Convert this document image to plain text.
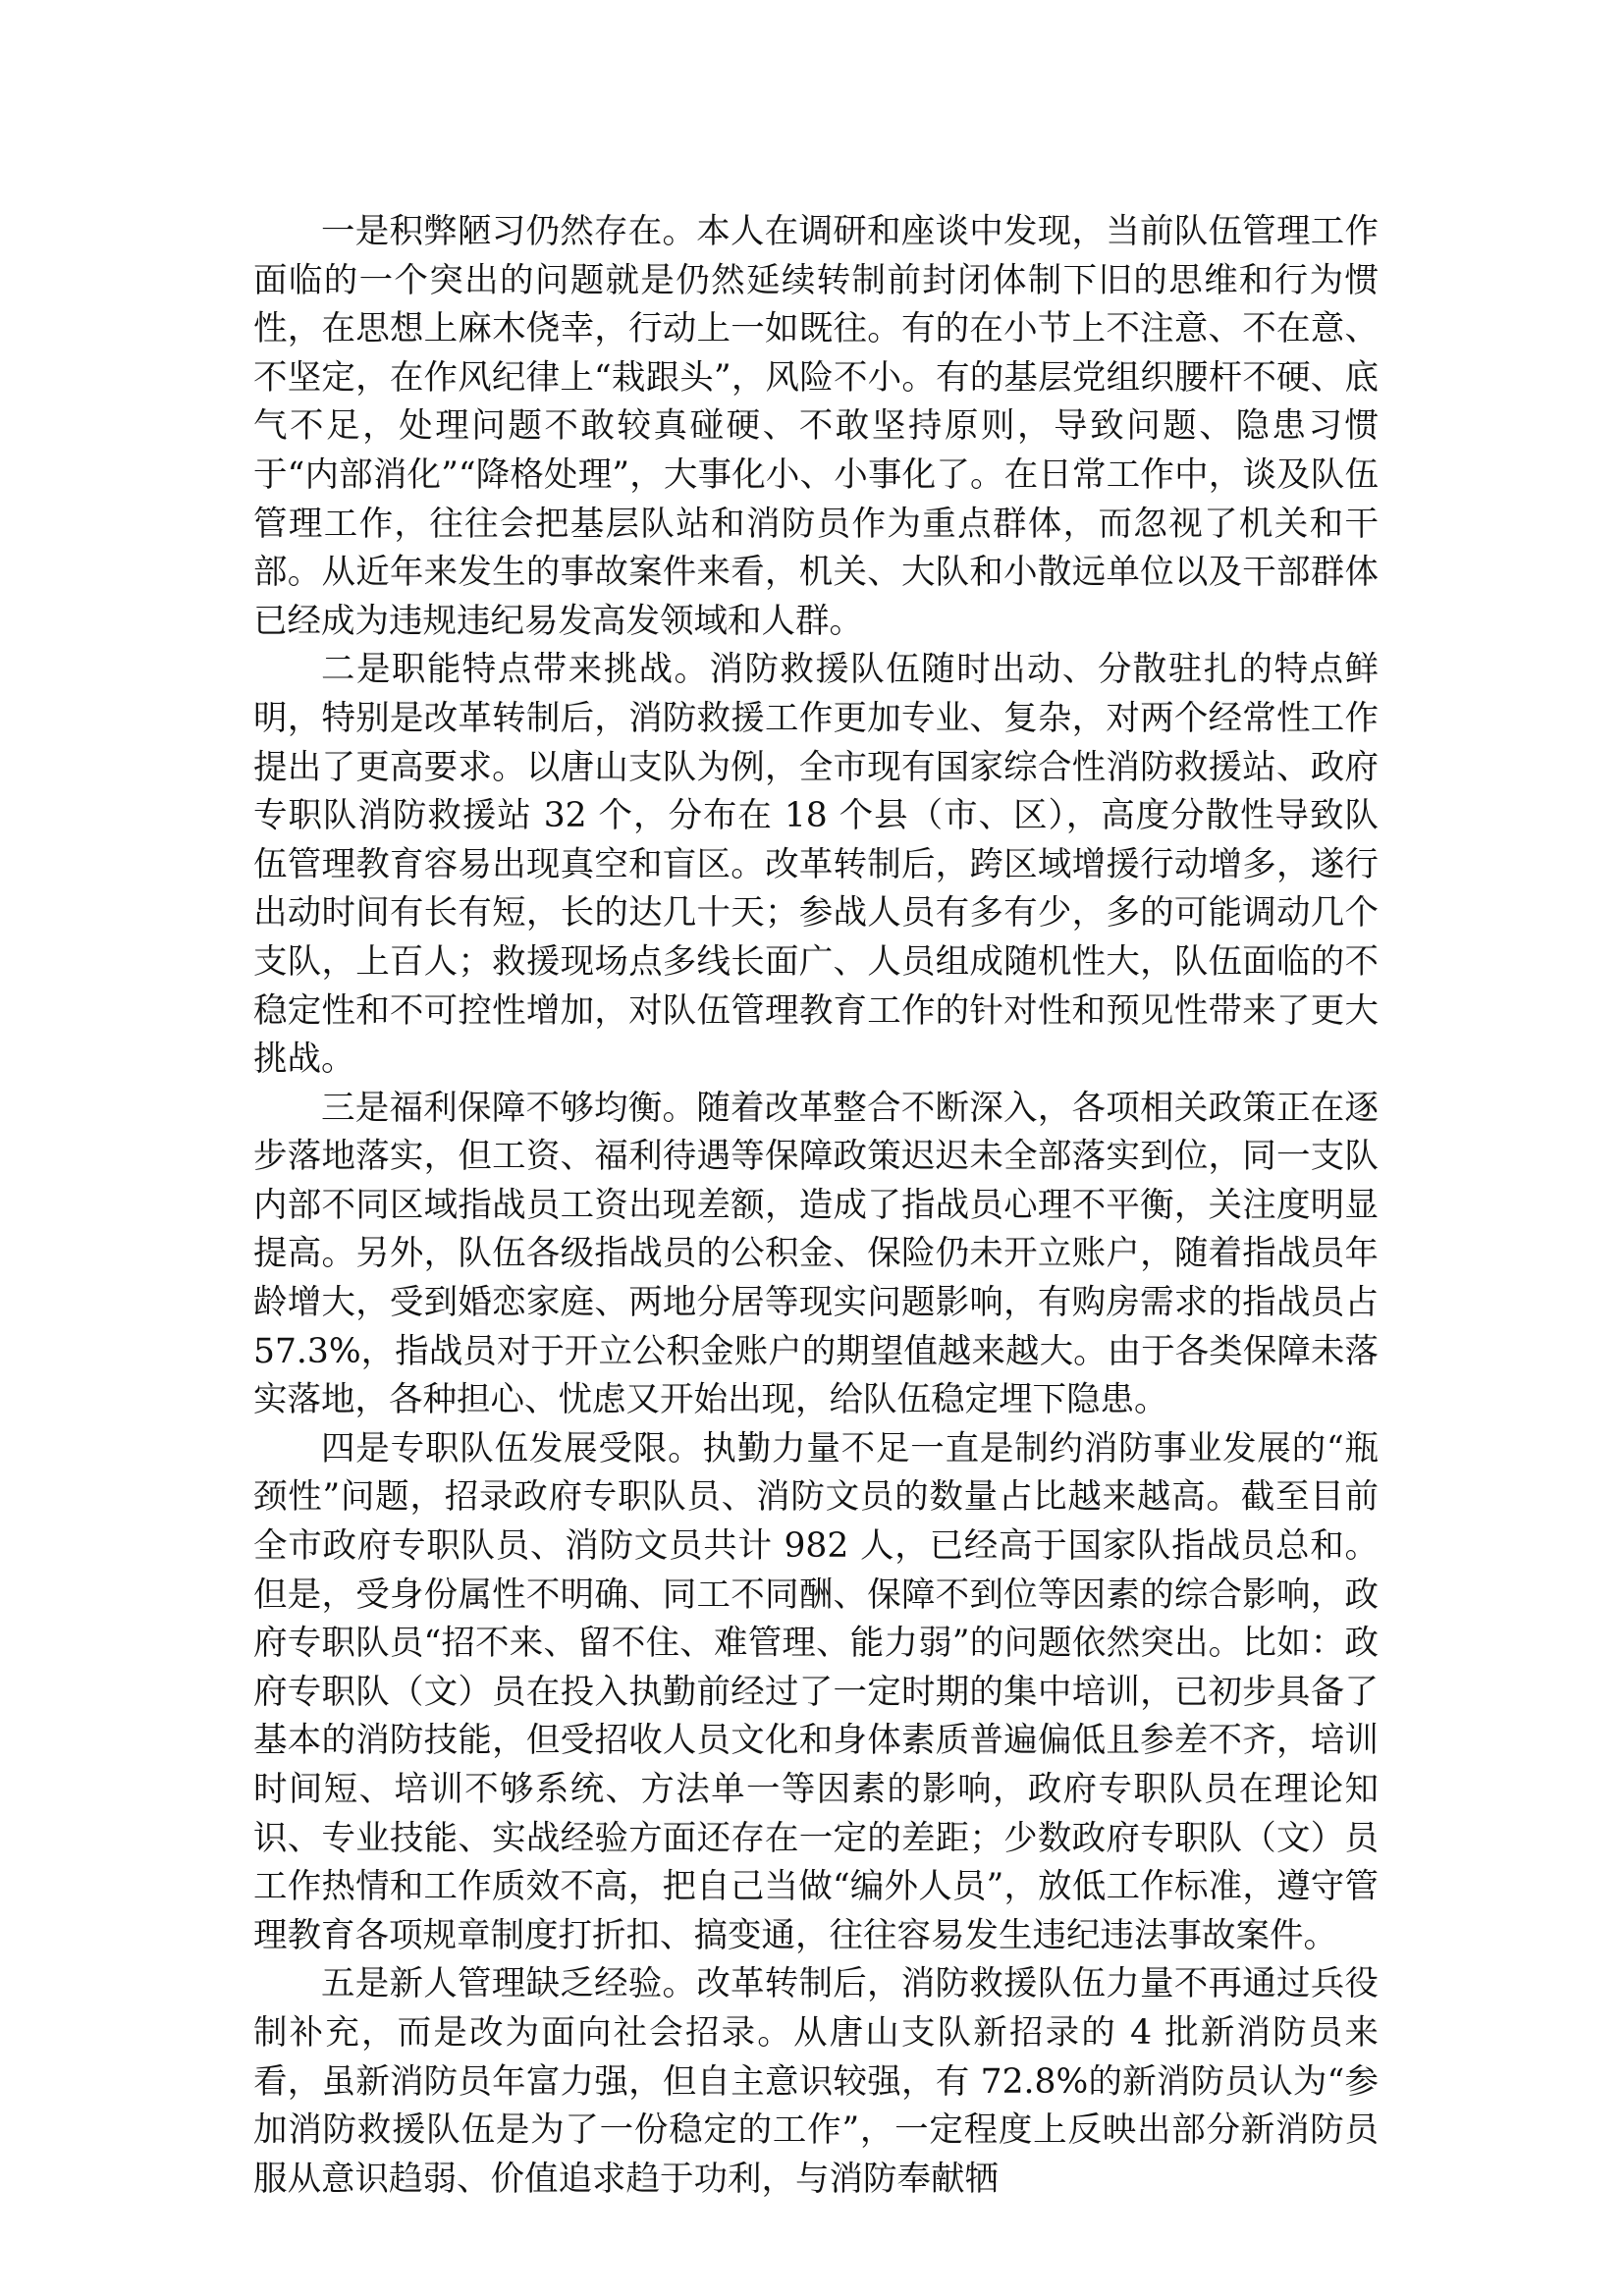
一是积弊陋习仍然存在。本人在调研和座谈中发现，当前队伍管理工作面临的一个突出的问题就是仍然延续转制前封闭体制下旧的思维和行为惯性，在思想上麻木侥幸，行动上一如既往。有的在小节上不注意、不在意、不坚定，在作风纪律上“栽跟头”，风险不小。有的基层党组织腰杆不硬、底气不足，处理问题不敢较真碰硬、不敢坚持原则，导致问题、隐患习惯于“内部消化”“降格处理”，大事化小、小事化了。在日常工作中，谈及队伍管理工作，往往会把基层队站和消防员作为重点群体，而忽视了机关和干部。从近年来发生的事故案件来看，机关、大队和小散远单位以及干部群体已经成为违规违纪易发高发领域和人群。

二是职能特点带来挑战。消防救援队伍随时出动、分散驻扎的特点鲜明，特别是改革转制后，消防救援工作更加专业、复杂，对两个经常性工作提出了更高要求。以唐山支队为例，全市现有国家综合性消防救援站、政府专职队消防救援站 32 个，分布在 18 个县（市、区），高度分散性导致队伍管理教育容易出现真空和盲区。改革转制后，跨区域增援行动增多，遂行出动时间有长有短，长的达几十天；参战人员有多有少，多的可能调动几个支队，上百人；救援现场点多线长面广、人员组成随机性大，队伍面临的不稳定性和不可控性增加，对队伍管理教育工作的针对性和预见性带来了更大挑战。

三是福利保障不够均衡。随着改革整合不断深入，各项相关政策正在逐步落地落实，但工资、福利待遇等保障政策迟迟未全部落实到位，同一支队内部不同区域指战员工资出现差额，造成了指战员心理不平衡，关注度明显提高。另外，队伍各级指战员的公积金、保险仍未开立账户，随着指战员年龄增大，受到婚恋家庭、两地分居等现实问题影响，有购房需求的指战员占 57.3%，指战员对于开立公积金账户的期望值越来越大。由于各类保障未落实落地，各种担心、忧虑又开始出现，给队伍稳定埋下隐患。

四是专职队伍发展受限。执勤力量不足一直是制约消防事业发展的“瓶颈性”问题，招录政府专职队员、消防文员的数量占比越来越高。截至目前全市政府专职队员、消防文员共计 982 人，已经高于国家队指战员总和。但是，受身份属性不明确、同工不同酬、保障不到位等因素的综合影响，政府专职队员“招不来、留不住、难管理、能力弱”的问题依然突出。比如：政府专职队（文）员在投入执勤前经过了一定时期的集中培训，已初步具备了基本的消防技能，但受招收人员文化和身体素质普遍偏低且参差不齐，培训时间短、培训不够系统、方法单一等因素的影响，政府专职队员在理论知识、专业技能、实战经验方面还存在一定的差距；少数政府专职队（文）员工作热情和工作质效不高，把自己当做“编外人员”，放低工作标准，遵守管理教育各项规章制度打折扣、搞变通，往往容易发生违纪违法事故案件。

五是新人管理缺乏经验。改革转制后，消防救援队伍力量不再通过兵役制补充，而是改为面向社会招录。从唐山支队新招录的 4 批新消防员来看，虽新消防员年富力强，但自主意识较强，有 72.8%的新消防员认为“参加消防救援队伍是为了一份稳定的工作”，一定程度上反映出部分新消防员服从意识趋弱、价值追求趋于功利，与消防奉献牺
